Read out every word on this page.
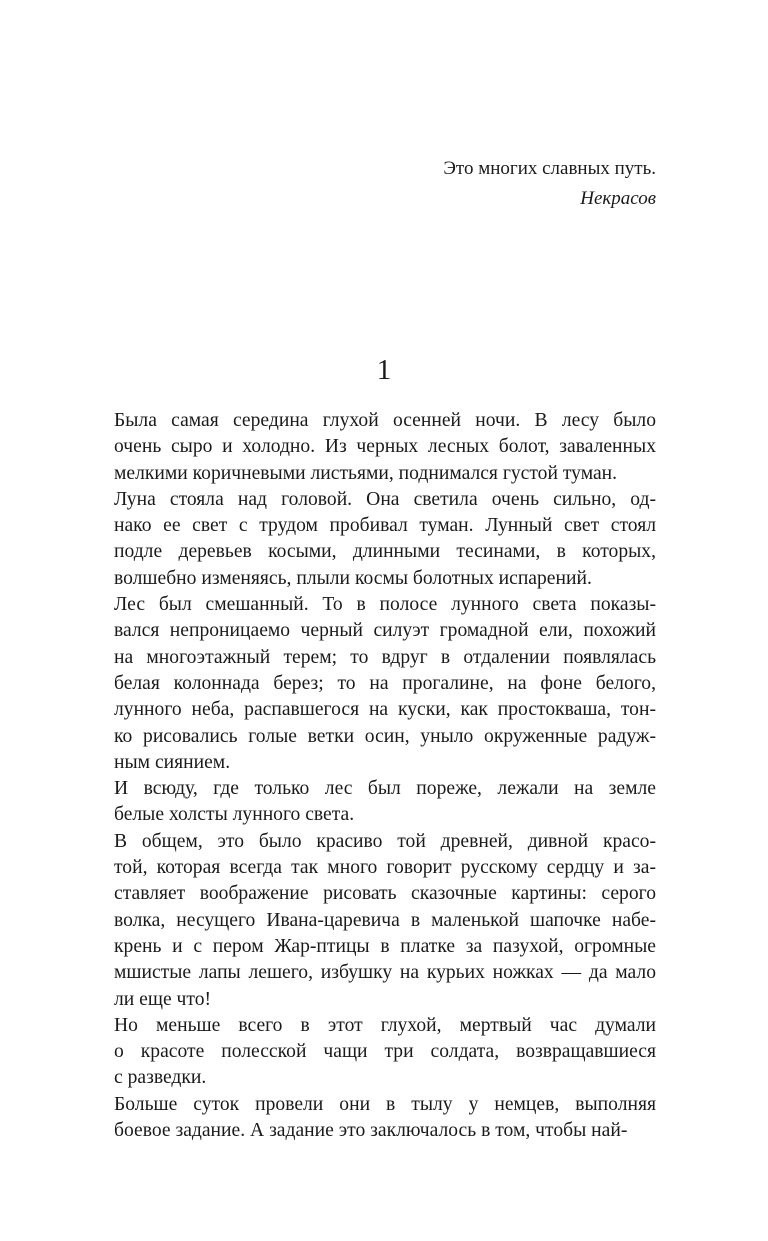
Это многих славных путь.
Некрасов
1

Была самая середина глухой осенней ночи. В лесу было
очень сыро и холодно. Из черных лесных болот, заваленных
мелкими коричневыми листьями, поднимался густой туман.

Луна стояла над головой. Она светила очень сильно, од-
нако ее свет с трудом пробивал туман. Лунный свет стоял
подле деревьев косыми, длинными тесинами, в которых,
волшебно изменяясь, плыли космы болотных испарений.

Лес был смешанный. То в полосе лунного света показы-
вался непроницаемо черный силуэт громадной ели, похожий
на многоэтажный терем; то вдруг в отдалении появлялась
белая колоннада берез; то на прогалине, на фоне белого,
лунного неба, распавшегося на куски, как простокваша, тон-
ко рисовались голые ветки осин, уныло окруженные радуж-
ным сиянием.

И всюду, где только лес был пореже, лежали на земле
белые холсты лунного света.

В общем, это было красиво той древней, дивной красо-
той, которая всегда так много говорит русскому сердцу и за-
ставляет воображение рисовать сказочные картины: серого
волка, несущего Ивана-царевича в маленькой шапочке набе-
крень и с пером Жар-птицы в платке за пазухой, огромные
мшистые лапы лешего, избушку на курьих ножках — да мало
ли еще что!

Но меньше всего в этот глухой, мертвый час думали
о красоте полесской чащи три солдата, возвращавшиеся
с разведки.

Больше суток провели они в тылу у немцев, выполняя
боевое задание. А задание это заключалось в том, чтобы най-
